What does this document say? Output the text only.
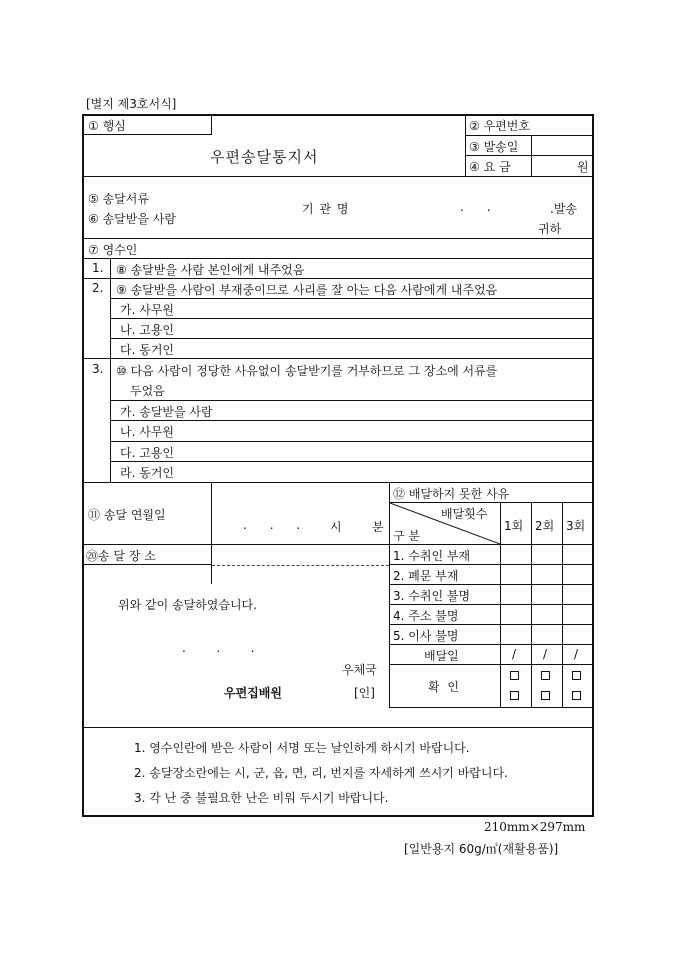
[별지 제3호서식]
① 행심
우편송달통지서
② 우편번호
③ 발송일
④ 요 금	원
⑤ 송달서류
⑥ 송달받을 사람
기 관 명	.      .	.발송
귀하
⑦ 영수인
1. ⑧ 송달받을 사람 본인에게 내주었음
2. ⑨ 송달받을 사람이 부재중이므로 사리를 잘 아는 다음 사람에게 내주었음
가. 사무원
나. 고용인
다. 동거인
3. ⑩ 다음 사람이 정당한 사유없이 송달받기를 거부하므로 그 장소에 서류를
두었음
가. 송달받을 사람
나. 사무원
다. 고용인
라. 동거인
⑪ 송달 연월일
.      .      . 시	분
⑳송 달 장 소
위와 같이 송달하였습니다.
.        .        .
우체국
우편집배원	[인]
⑫ 배달하지 못한 사유
배달횟수
구 분
1회 2회 3회
1. 수취인 부재
2. 폐문 부재
3. 수취인 불명
4. 주소 불명
5. 이사 불명
배달일	/ / /
확 인
1. 영수인란에 받은 사람이 서명 또는 날인하게 하시기 바랍니다.
2. 송달장소란에는 시, 군, 읍, 면, 리, 번지를 자세하게 쓰시기 바랍니다.
3. 각 난 중 불필요한 난은 비워 두시기 바랍니다.
210mm×297mm
[일반용지 60g/㎡(재활용품)]
